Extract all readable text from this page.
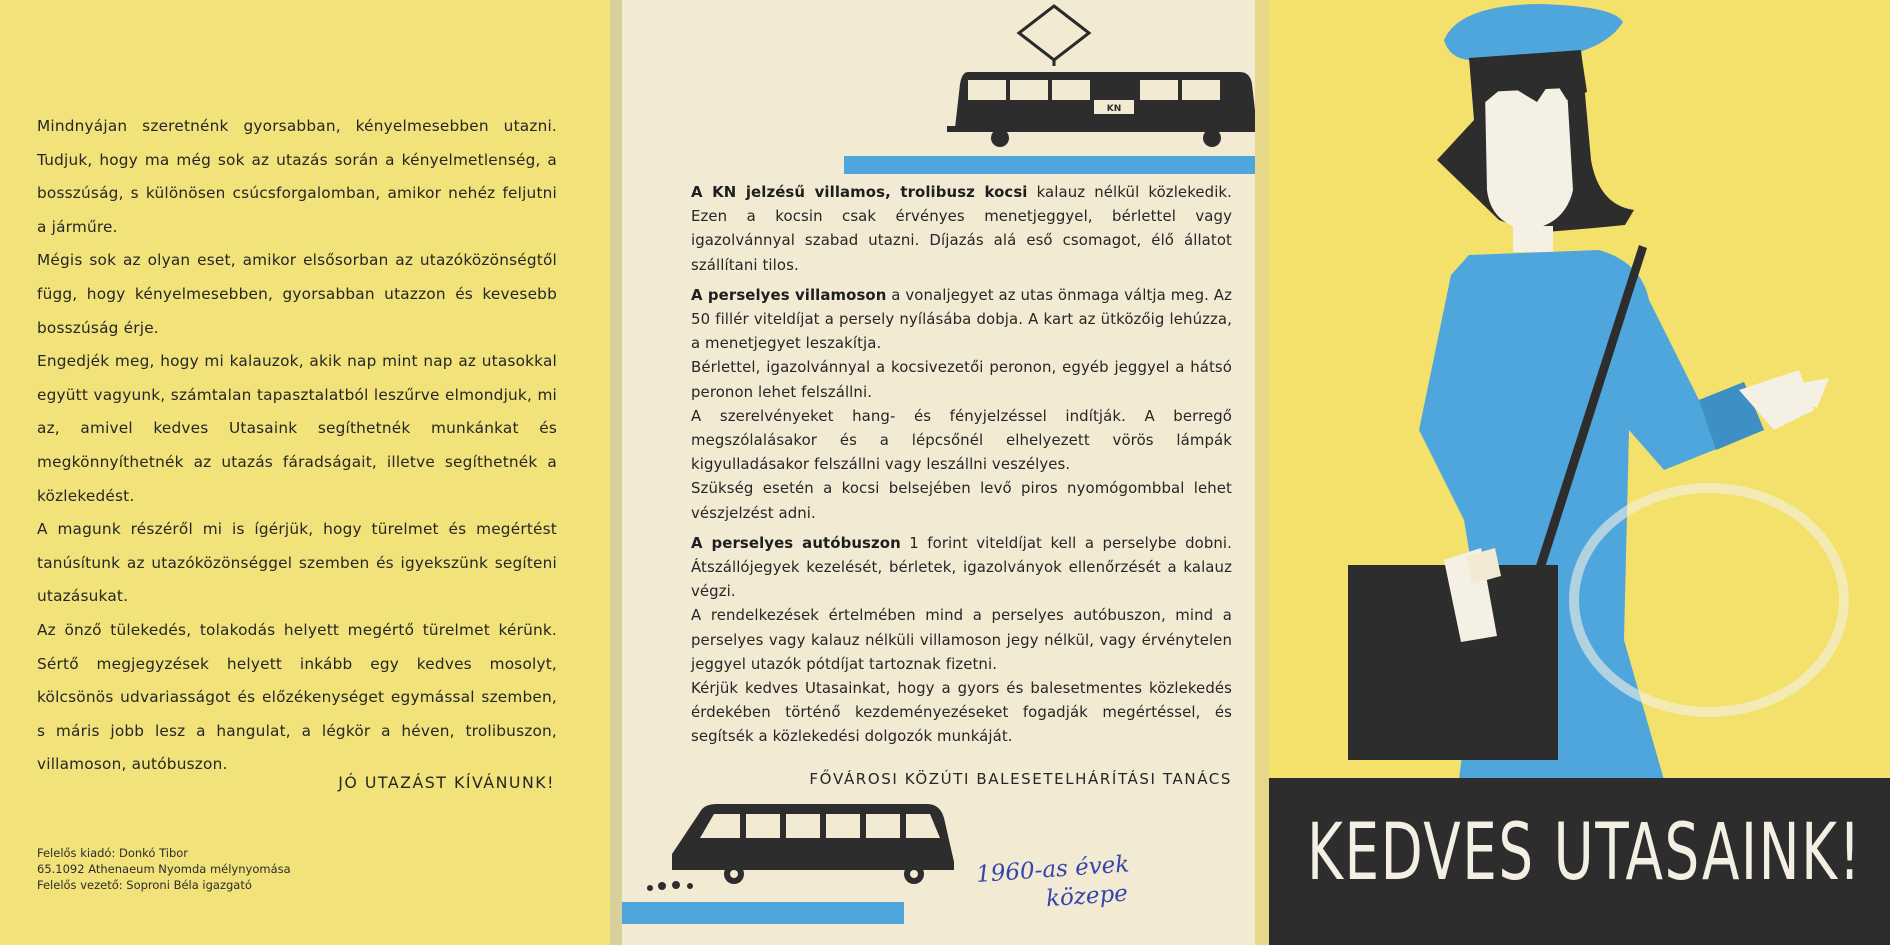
Mindnyájan szeretnénk gyorsabban, kényelmesebben utazni. Tudjuk, hogy ma még sok az utazás során a kényelmetlenség, a bosszúság, s különösen csúcsforgalomban, amikor nehéz feljutni a járműre.

Mégis sok az olyan eset, amikor elsősorban az utazóközönségtől függ, hogy kényelmesebben, gyorsabban utazzon és kevesebb bosszúság érje.

Engedjék meg, hogy mi kalauzok, akik nap mint nap az utasokkal együtt vagyunk, számtalan tapasztalatból leszűrve elmondjuk, mi az, amivel kedves Utasaink segíthetnék munkánkat és megkönnyíthetnék az utazás fáradságait, illetve segíthetnék a közlekedést.

A magunk részéről mi is ígérjük, hogy türelmet és megértést tanúsítunk az utazóközönséggel szemben és igyekszünk segíteni utazásukat.

Az önző tülekedés, tolakodás helyett megértő türelmet kérünk. Sértő megjegyzések helyett inkább egy kedves mosolyt, kölcsönös udvariasságot és előzékenységet egymással szemben, s máris jobb lesz a hangulat, a légkör a héven, trolibuszon, villamoson, autóbuszon.

JÓ UTAZÁST KÍVÁNUNK!
Felelős kiadó: Donkó Tibor
65.1092 Athenaeum Nyomda mélynyomása
Felelős vezető: Soproni Béla igazgató
KN

A KN jelzésű villamos, trolibusz kocsi kalauz nélkül közlekedik. Ezen a kocsin csak érvényes menetjeggyel, bérlettel vagy igazolvánnyal szabad utazni. Díjazás alá eső csomagot, élő állatot szállítani tilos.

A perselyes villamoson a vonaljegyet az utas önmaga váltja meg. Az 50 fillér viteldíjat a persely nyílásába dobja. A kart az ütközőig lehúzza, a menetjegyet leszakítja.

Bérlettel, igazolvánnyal a kocsivezetői peronon, egyéb jeggyel a hátsó peronon lehet felszállni.

A szerelvényeket hang- és fényjelzéssel indítják. A berregő megszólalásakor és a lépcsőnél elhelyezett vörös lámpák kigyulladásakor felszállni vagy leszállni veszélyes.

Szükség esetén a kocsi belsejében levő piros nyomógombbal lehet vészjelzést adni.

A perselyes autóbuszon 1 forint viteldíjat kell a perselybe dobni. Átszállójegyek kezelését, bérletek, igazolványok ellenőrzését a kalauz végzi.

A rendelkezések értelmében mind a perselyes autóbuszon, mind a perselyes vagy kalauz nélküli villamoson jegy nélkül, vagy érvénytelen jeggyel utazók pótdíjat tartoznak fizetni.

Kérjük kedves Utasainkat, hogy a gyors és balesetmentes közlekedés érdekében történő kezdeményezéseket fogadják megértéssel, és segítsék a közlekedési dolgozók munkáját.

FŐVÁROSI KÖZÚTI BALESETELHÁRÍTÁSI TANÁCS
1960-as évek
közepe	KEDVES UTASAINK!
